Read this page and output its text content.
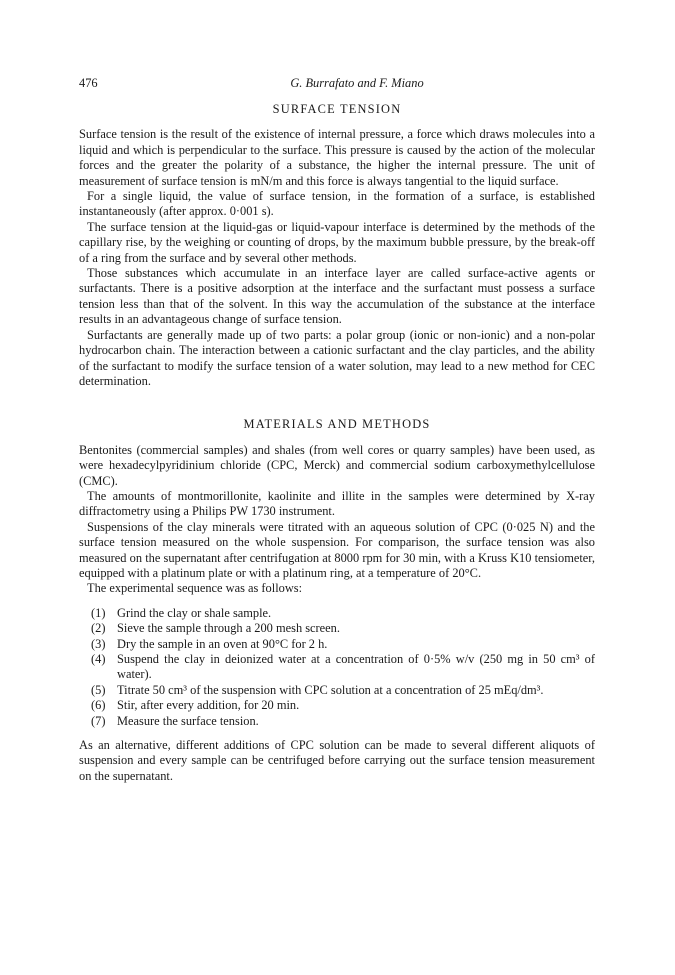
476	G. Burrafato and F. Miano
SURFACE TENSION

Surface tension is the result of the existence of internal pressure, a force which draws molecules into a liquid and which is perpendicular to the surface. This pressure is caused by the action of the molecular forces and the greater the polarity of a substance, the higher the internal pressure. The unit of measurement of surface tension is mN/m and this force is always tangential to the liquid surface.

For a single liquid, the value of surface tension, in the formation of a surface, is established instantaneously (after approx. 0·001 s).

The surface tension at the liquid-gas or liquid-vapour interface is determined by the methods of the capillary rise, by the weighing or counting of drops, by the maximum bubble pressure, by the break-off of a ring from the surface and by several other methods.

Those substances which accumulate in an interface layer are called surface-active agents or surfactants. There is a positive adsorption at the interface and the surfactant must possess a surface tension less than that of the solvent. In this way the accumulation of the substance at the interface results in an advantageous change of surface tension.

Surfactants are generally made up of two parts: a polar group (ionic or non-ionic) and a non-polar hydrocarbon chain. The interaction between a cationic surfactant and the clay particles, and the ability of the surfactant to modify the surface tension of a water solution, may lead to a new method for CEC determination.

MATERIALS AND METHODS

Bentonites (commercial samples) and shales (from well cores or quarry samples) have been used, as were hexadecylpyridinium chloride (CPC, Merck) and commercial sodium carboxymethylcellulose (CMC).

The amounts of montmorillonite, kaolinite and illite in the samples were determined by X-ray diffractometry using a Philips PW 1730 instrument.

Suspensions of the clay minerals were titrated with an aqueous solution of CPC (0·025 N) and the surface tension measured on the whole suspension. For comparison, the surface tension was also measured on the supernatant after centrifugation at 8000 rpm for 30 min, with a Kruss K10 tensiometer, equipped with a platinum plate or with a platinum ring, at a temperature of 20°C.

The experimental sequence was as follows:

(1) Grind the clay or shale sample.
(2) Sieve the sample through a 200 mesh screen.
(3) Dry the sample in an oven at 90°C for 2 h.
(4) Suspend the clay in deionized water at a concentration of 0·5% w/v (250 mg in 50 cm³ of water).
(5) Titrate 50 cm³ of the suspension with CPC solution at a concentration of 25 mEq/dm³.
(6) Stir, after every addition, for 20 min.
(7) Measure the surface tension.

As an alternative, different additions of CPC solution can be made to several different aliquots of suspension and every sample can be centrifuged before carrying out the surface tension measurement on the supernatant.
